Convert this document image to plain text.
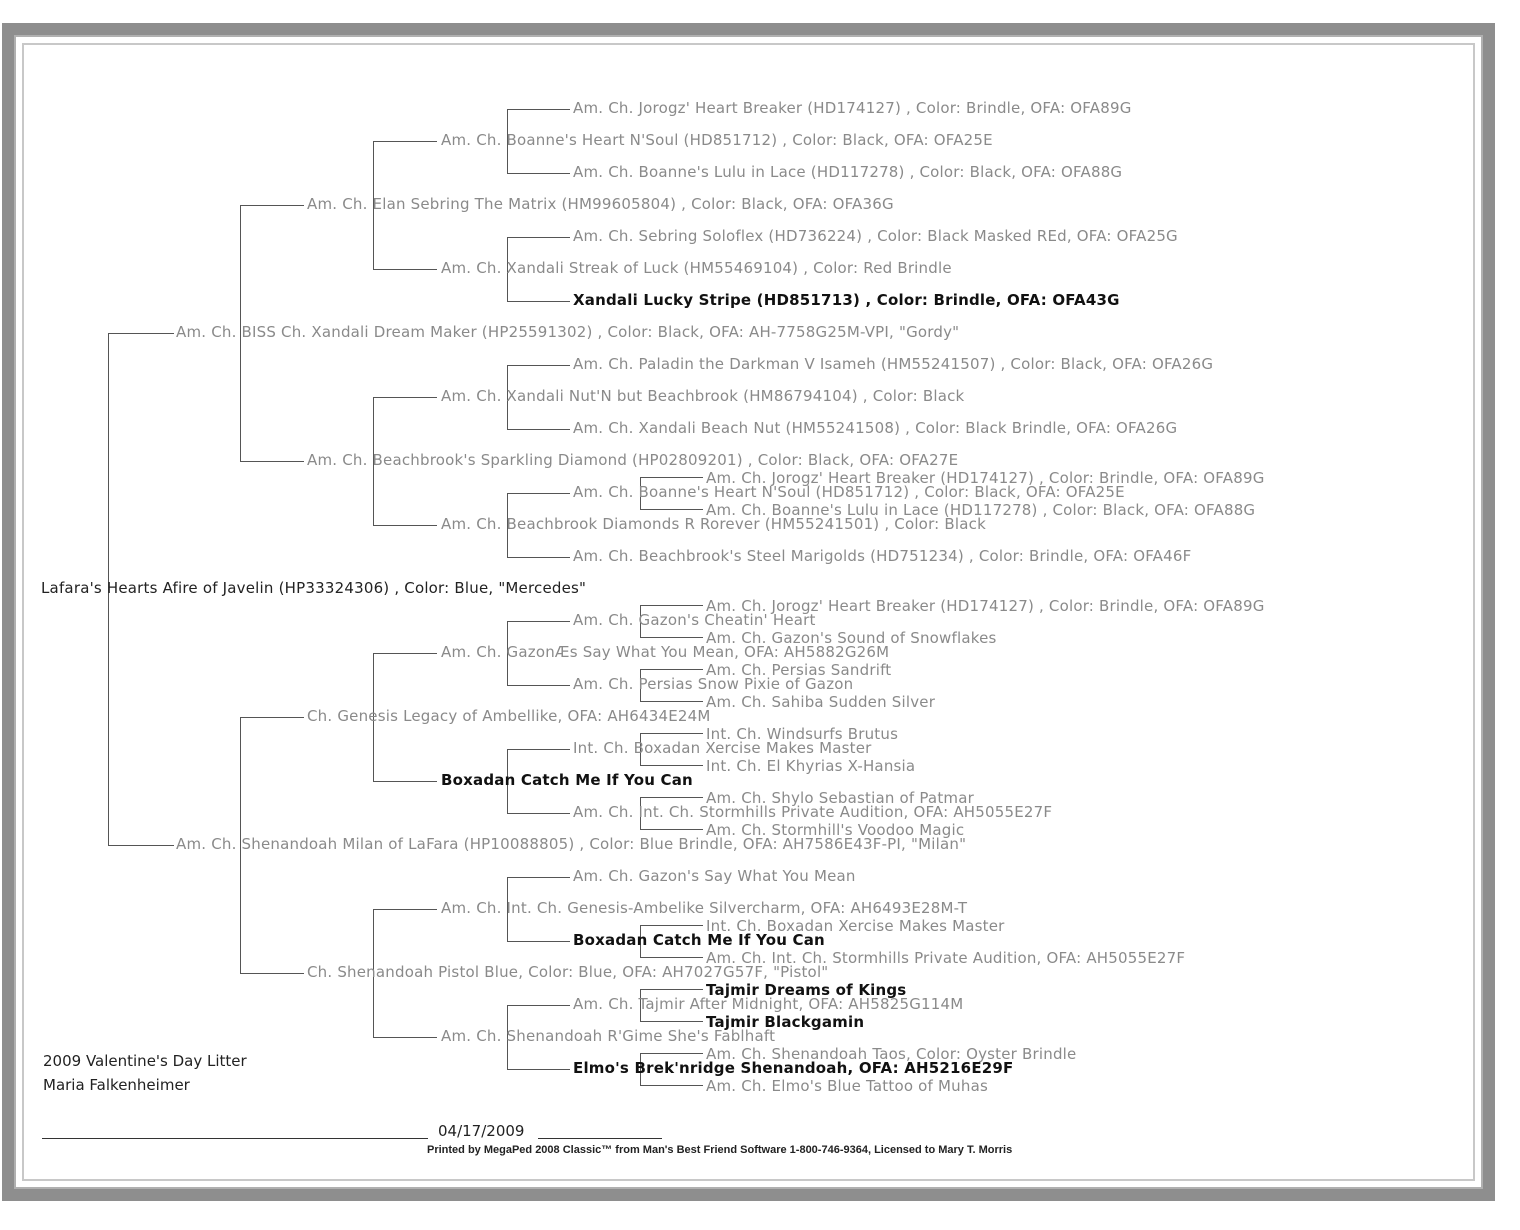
Lafara's Hearts Afire of Javelin (HP33324306) , Color: Blue, "Mercedes"
Am. Ch. BISS Ch. Xandali Dream Maker (HP25591302) , Color: Black, OFA: AH-7758G25M-VPI, "Gordy"
Am. Ch. Shenandoah Milan of LaFara (HP10088805) , Color: Blue Brindle, OFA: AH7586E43F-PI, "Milan"
Am. Ch. Elan Sebring The Matrix (HM99605804) , Color: Black, OFA: OFA36G
Am. Ch. Beachbrook's Sparkling Diamond (HP02809201) , Color: Black, OFA: OFA27E
Ch. Genesis Legacy of Ambellike, OFA: AH6434E24M
Ch. Shenandoah Pistol Blue, Color: Blue, OFA: AH7027G57F, "Pistol"
Am. Ch. Boanne's Heart N'Soul (HD851712) , Color: Black, OFA: OFA25E
Am. Ch. Xandali Streak of Luck (HM55469104) , Color: Red Brindle
Am. Ch. Xandali Nut'N but Beachbrook (HM86794104) , Color: Black
Am. Ch. Beachbrook Diamonds R Rorever (HM55241501) , Color: Black
Am. Ch. GazonÆs Say What You Mean, OFA: AH5882G26M
Boxadan Catch Me If You Can
Am. Ch. Int. Ch. Genesis-Ambelike Silvercharm, OFA: AH6493E28M-T
Am. Ch. Shenandoah R'Gime She's Fablhaft
Am. Ch. Jorogz' Heart Breaker (HD174127) , Color: Brindle, OFA: OFA89G
Am. Ch. Boanne's Lulu in Lace (HD117278) , Color: Black, OFA: OFA88G
Am. Ch. Sebring Soloflex (HD736224) , Color: Black Masked REd, OFA: OFA25G
Xandali Lucky Stripe (HD851713) , Color: Brindle, OFA: OFA43G
Am. Ch. Paladin the Darkman V Isameh (HM55241507) , Color: Black, OFA: OFA26G
Am. Ch. Xandali Beach Nut (HM55241508) , Color: Black Brindle, OFA: OFA26G
Am. Ch. Boanne's Heart N'Soul (HD851712) , Color: Black, OFA: OFA25E
Am. Ch. Beachbrook's Steel Marigolds (HD751234) , Color: Brindle, OFA: OFA46F
Am. Ch. Gazon's Cheatin' Heart
Am. Ch. Persias Snow Pixie of Gazon
Int. Ch. Boxadan Xercise Makes Master
Am. Ch. Int. Ch. Stormhills Private Audition, OFA: AH5055E27F
Am. Ch. Gazon's Say What You Mean
Boxadan Catch Me If You Can
Am. Ch. Tajmir After Midnight, OFA: AH5825G114M
Elmo's Brek'nridge Shenandoah, OFA: AH5216E29F
Am. Ch. Jorogz' Heart Breaker (HD174127) , Color: Brindle, OFA: OFA89G
Am. Ch. Boanne's Lulu in Lace (HD117278) , Color: Black, OFA: OFA88G
Am. Ch. Jorogz' Heart Breaker (HD174127) , Color: Brindle, OFA: OFA89G
Am. Ch. Gazon's Sound of Snowflakes
Am. Ch. Persias Sandrift
Am. Ch. Sahiba Sudden Silver
Int. Ch. Windsurfs Brutus
Int. Ch. El Khyrias X-Hansia
Am. Ch. Shylo Sebastian of Patmar
Am. Ch. Stormhill's Voodoo Magic
Int. Ch. Boxadan Xercise Makes Master
Am. Ch. Int. Ch. Stormhills Private Audition, OFA: AH5055E27F
Tajmir Dreams of Kings
Tajmir Blackgamin
Am. Ch. Shenandoah Taos, Color: Oyster Brindle
Am. Ch. Elmo's Blue Tattoo of Muhas
2009 Valentine's Day Litter
Maria Falkenheimer
04/17/2009
Printed by MegaPed 2008 Classic™ from Man's Best Friend Software 1-800-746-9364, Licensed to Mary T. Morris
